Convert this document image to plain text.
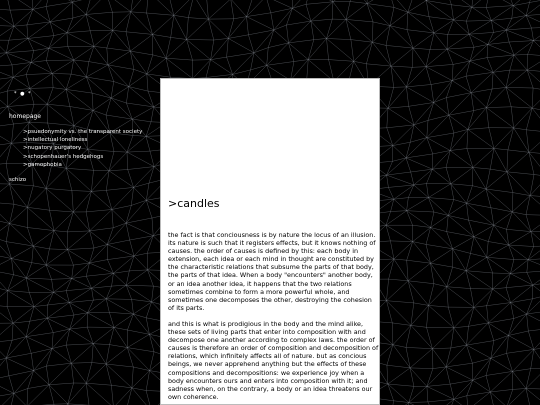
* ● *
homepage
>psuedonymity vs. the transparent society
>intellectual loneliness
>nugatory purgatory
>schopenhauer's hedgehogs
>gamophobia
schizo
>candles

the fact is that conciousness is by nature the locus of an illusion. its nature is such that it registers effects, but it knows nothing of causes. the order of causes is defined by this: each body in extension, each idea or each mind in thought are constituted by the characteristic relations that subsume the parts of that body, the parts of that idea. When a body "encounters" another body, or an idea another idea, it happens that the two relations sometimes combine to form a more powerful whole, and sometimes one decomposes the other, destroying the cohesion of its parts.

and this is what is prodigious in the body and the mind alike, these sets of living parts that enter into composition with and decompose one another according to complex laws. the order of causes is therefore an order of composition and decomposition of relations, which infinitely affects all of nature. but as concious beings, we never apprehend anything but the effects of these compositions and decompositions: we experience joy when a body encounters ours and enters into composition with it; and sadness when, on the contrary, a body or an idea threatens our own coherence.
